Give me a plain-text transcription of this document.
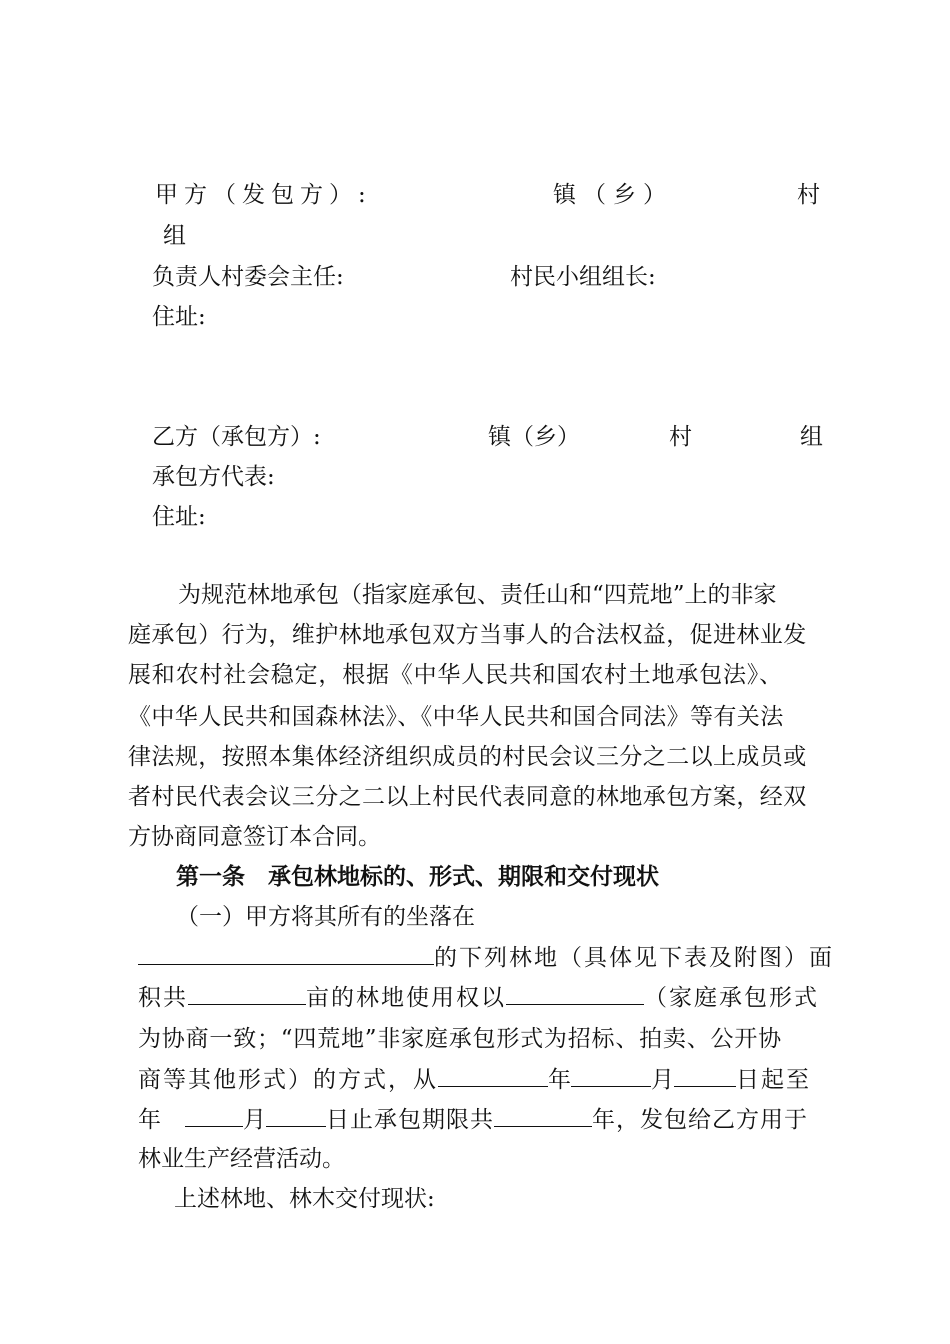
甲方（发包方）:	镇（乡）	村
组
负责人村委会主任:	村民小组组长:
住址:
乙方（承包方）:	镇（乡）	村	组
承包方代表:
住址:
为规范林地承包（指家庭承包、责任山和“四荒地”上的非家
庭承包）行为，维护林地承包双方当事人的合法权益，促进林业发
展和农村社会稳定，根据《中华人民共和国农村土地承包法》、
《中华人民共和国森林法》、《中华人民共和国合同法》等有关法
律法规，按照本集体经济组织成员的村民会议三分之二以上成员或
者村民代表会议三分之二以上村民代表同意的林地承包方案，经双
方协商同意签订本合同。
第一条　承包林地标的、形式、期限和交付现状
（一）甲方将其所有的坐落在
的下列林地（具体见下表及附图）面
积共	亩的林地使用权以	（家庭承包形式
为协商一致；“四荒地”非家庭承包形式为招标、拍卖、公开协
商等其他形式）的方式，从	年	月	日起至
年	月	日止承包期限共	年，发包给乙方用于
林业生产经营活动。
上述林地、林木交付现状:
